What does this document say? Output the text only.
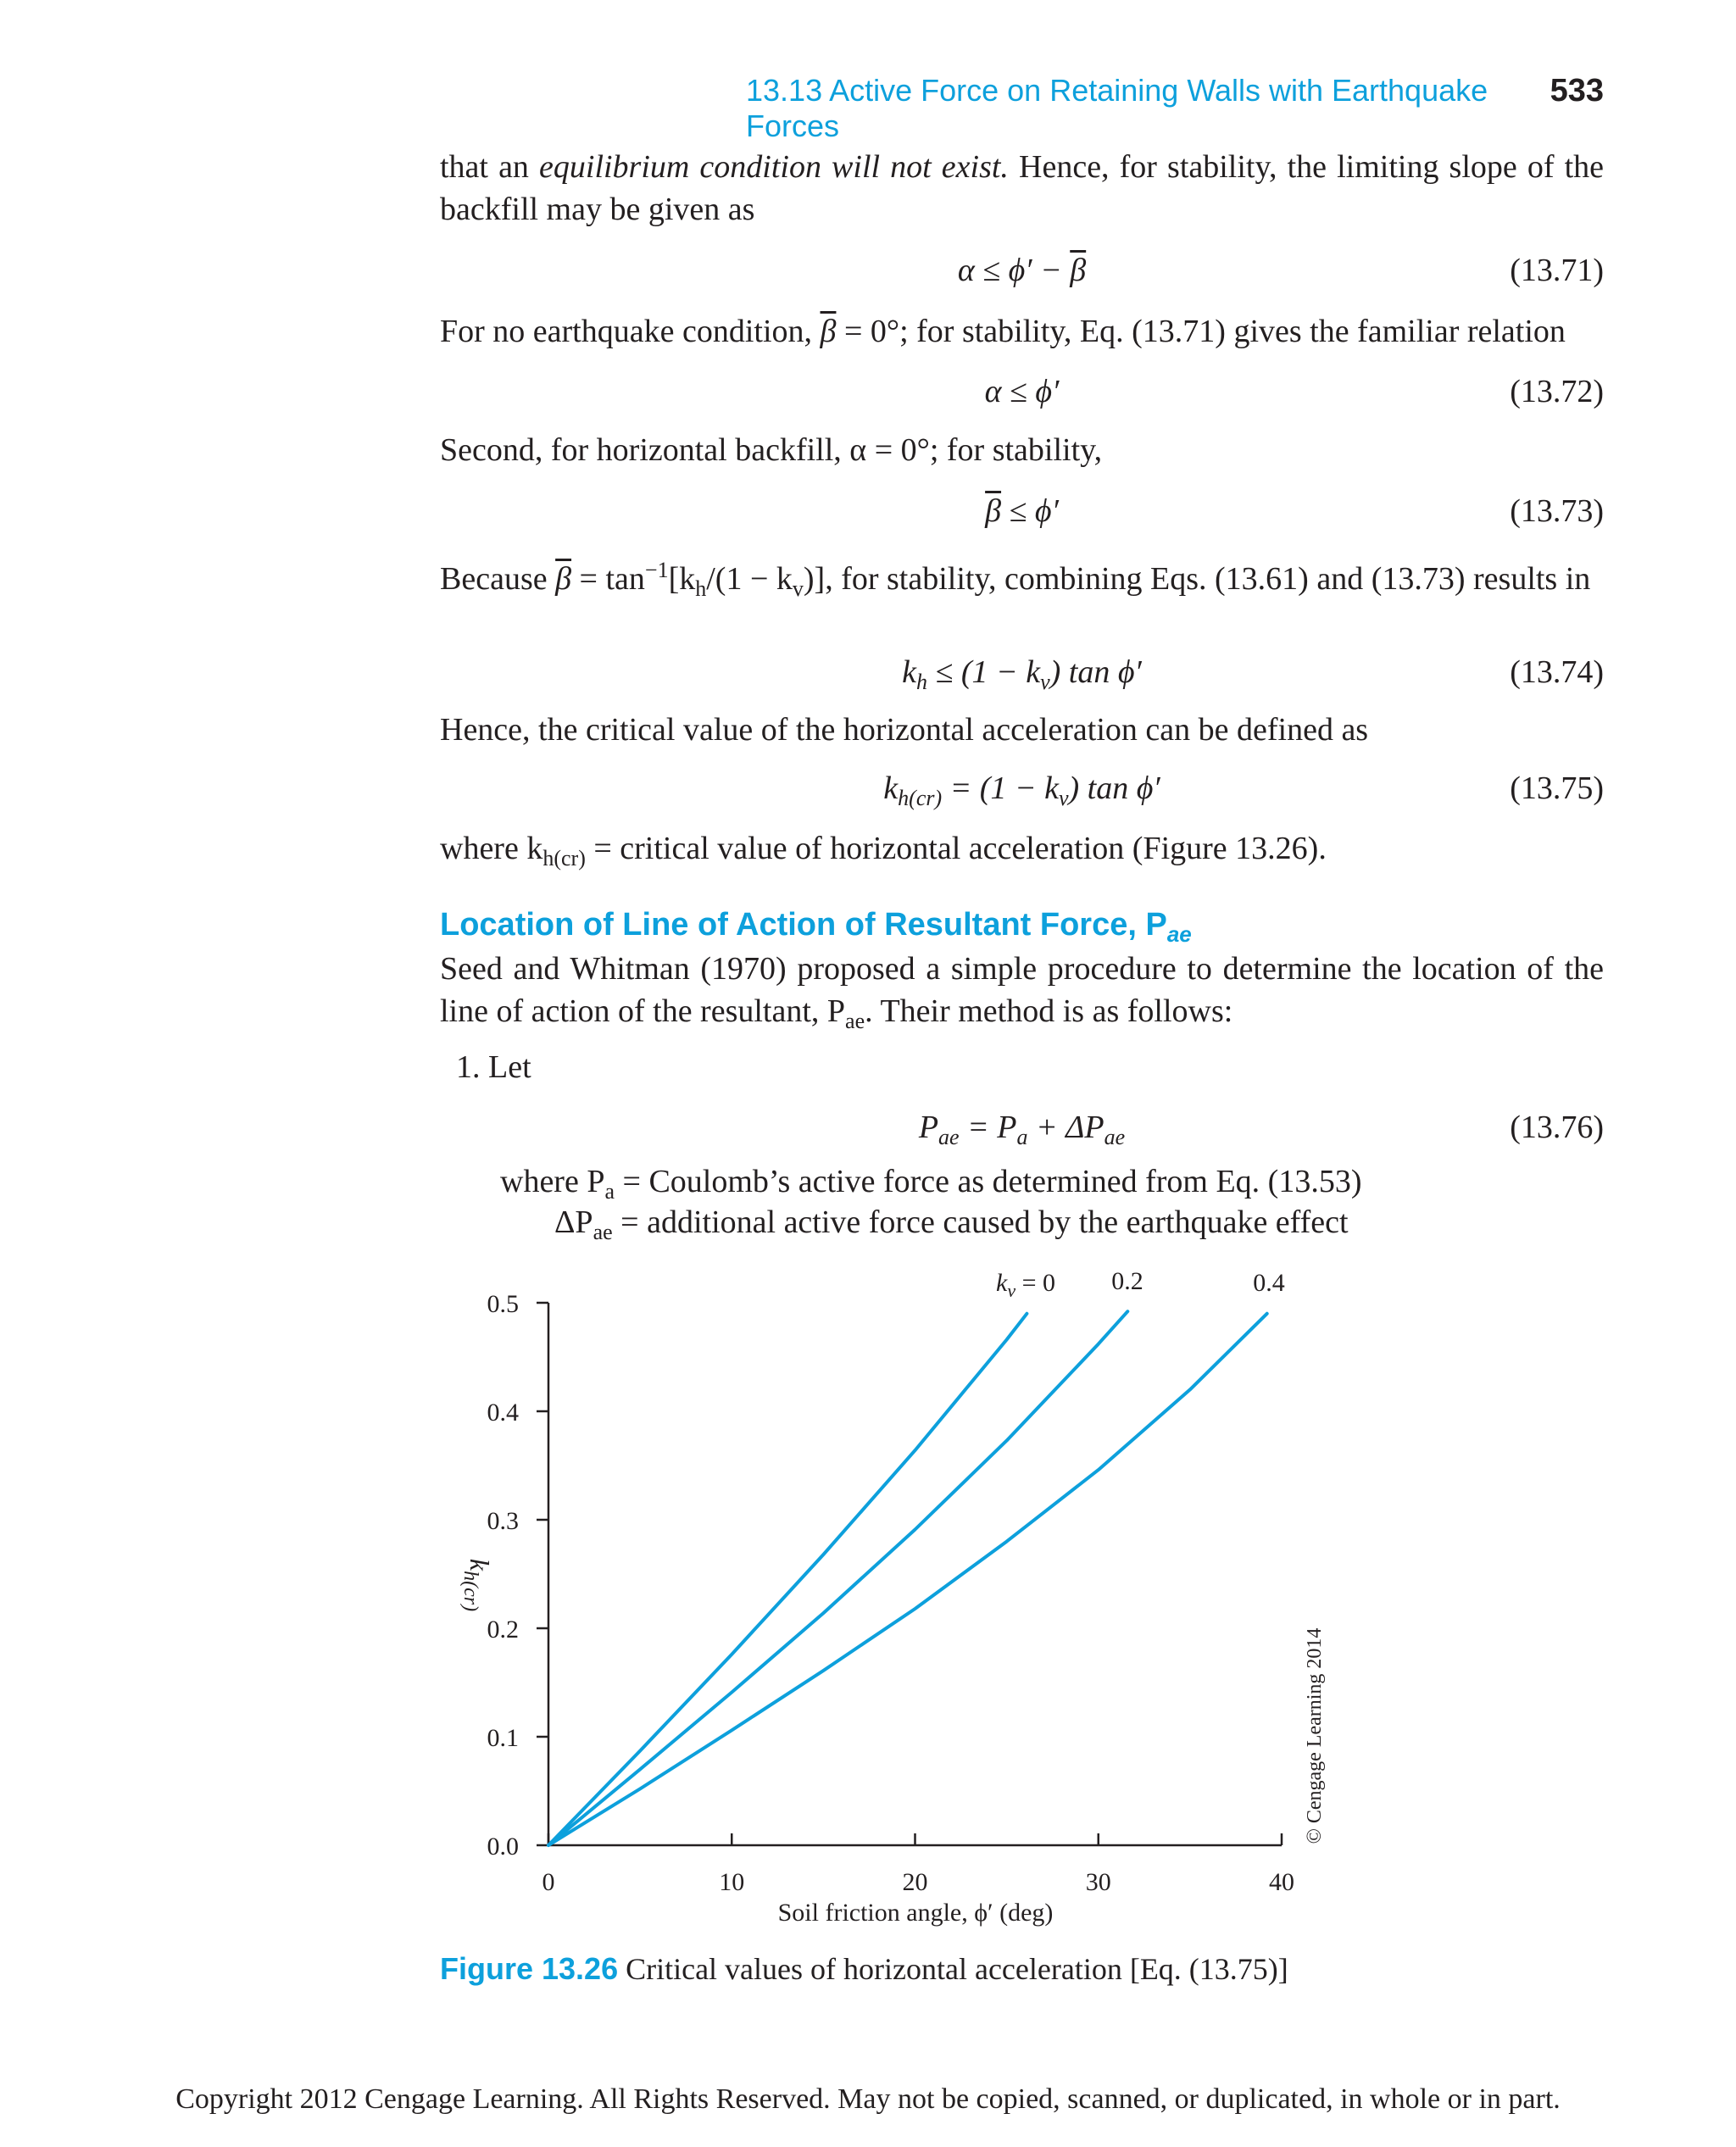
13.13 Active Force on Retaining Walls with Earthquake Forces
533
that an equilibrium condition will not exist. Hence, for stability, the limiting slope of the backfill may be given as
$\alpha \le \phi' - \overline{\beta}$	(13.71)
For no earthquake condition, $\overline{\beta} = 0^\circ$; for stability, Eq. (13.71) gives the familiar relation
α ≤ ϕ′	(13.72)
Second, for horizontal backfill, α = 0°; for stability,
$\overline{\beta} \le \phi'$	(13.73)
Because $\overline{\beta} = \tan^{-1}[k_h/(1 - k_v)]$, for stability, combining Eqs. (13.61) and (13.73) results in
$k_h \le (1 - k_v)$ tan ϕ′	(13.74)
Hence, the critical value of the horizontal acceleration can be defined as
$k_{h(cr)} = (1 - k_v)$ tan ϕ′	(13.75)
where $k_{h(cr)}$ = critical value of horizontal acceleration (Figure 13.26).
Location of Line of Action of Resultant Force, $P_{ae}$
Seed and Whitman (1970) proposed a simple procedure to determine the location of the line of action of the resultant, $P_{ae}$. Their method is as follows:
1. Let
$P_{ae} = P_a + \Delta P_{ae}$	(13.76)
where $P_a$ = Coulomb’s active force as determined from Eq. (13.53)
$\Delta P_{ae}$ = additional active force caused by the earthquake effect
0.0
0.1
0.2
0.3
0.4
0.5
0	10	20	30	40
$k_v = 0$ 0.2	0.4
Soil friction angle, ϕ′ (deg)
$k_{h(cr)}$
© Cengage Learning 2014
Figure 13.26 Critical values of horizontal acceleration [Eq. (13.75)]
Copyright 2012 Cengage Learning. All Rights Reserved. May not be copied, scanned, or duplicated, in whole or in part.
